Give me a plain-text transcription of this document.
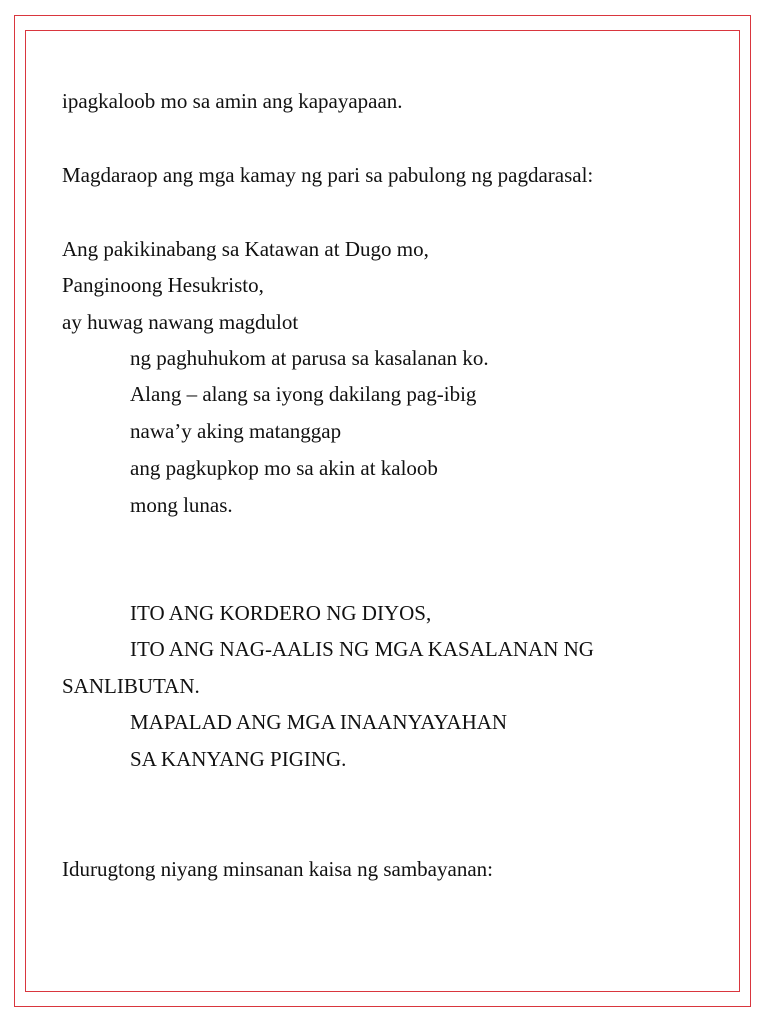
ipagkaloob mo sa amin ang kapayapaan.

Magdaraop ang mga kamay ng pari sa pabulong ng pagdarasal:

Ang pakikinabang sa Katawan at Dugo mo,

Panginoong Hesukristo,

ay huwag nawang magdulot

ng paghuhukom at parusa sa kasalanan ko.

Alang – alang sa iyong dakilang pag-ibig

nawa’y aking matanggap

ang pagkupkop mo sa akin at kaloob

mong lunas.

ITO ANG KORDERO NG DIYOS,

ITO ANG NAG-AALIS NG MGA KASALANAN NG

SANLIBUTAN.

MAPALAD ANG MGA INAANYAYAHAN

SA KANYANG PIGING.

Idurugtong niyang minsanan kaisa ng sambayanan:
